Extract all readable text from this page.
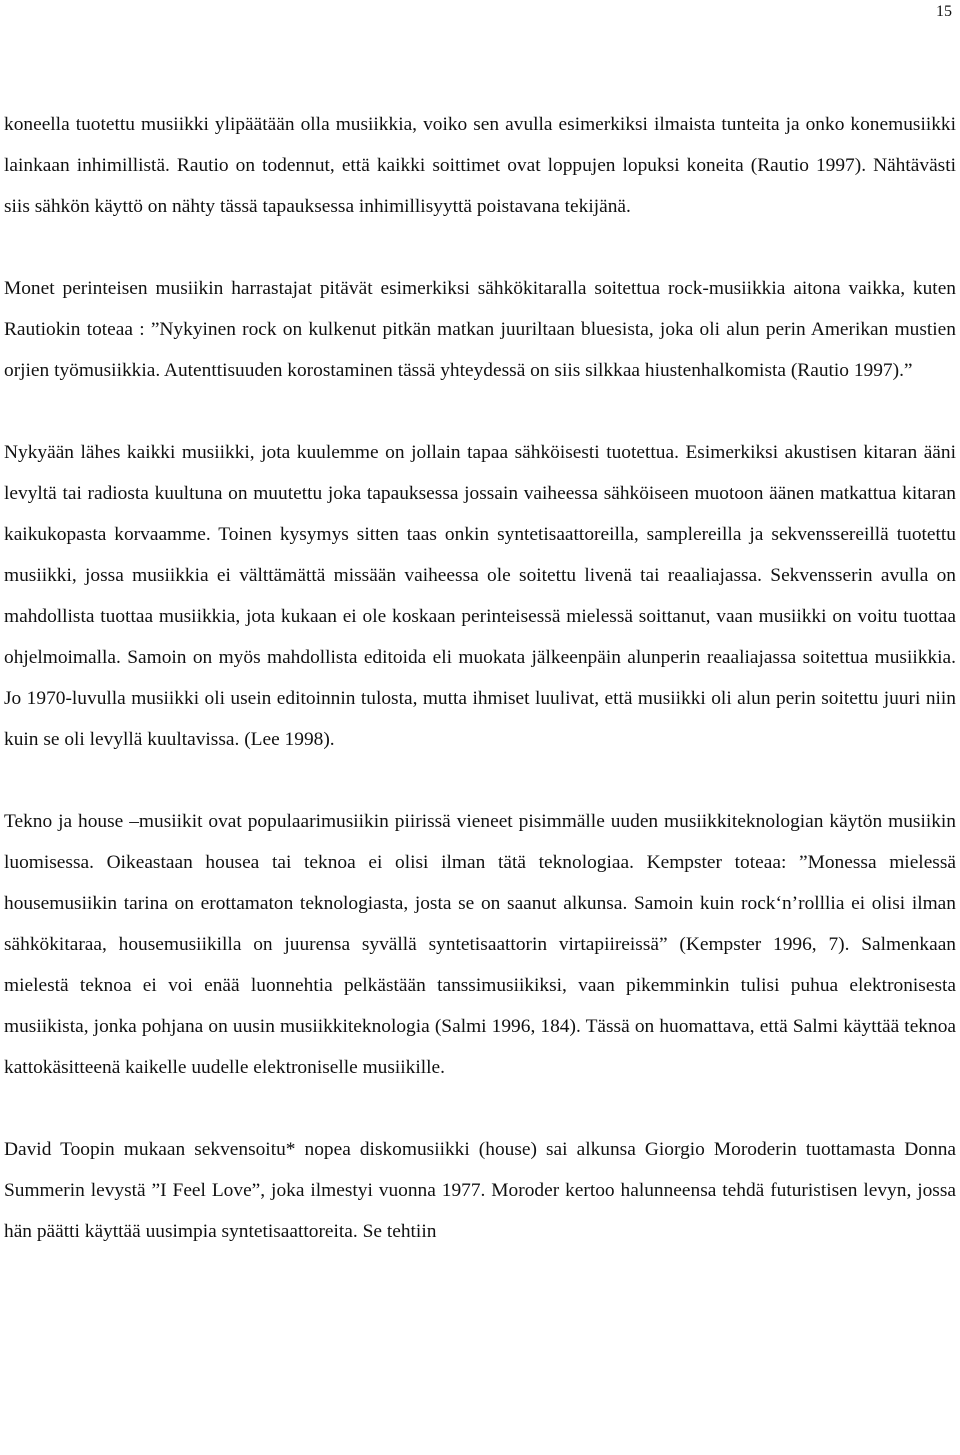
15

koneella tuotettu musiikki ylipäätään olla musiikkia, voiko sen avulla esimerkiksi ilmaista tunteita ja onko konemusiikki lainkaan inhimillistä. Rautio on todennut, että kaikki soittimet ovat loppujen lopuksi koneita (Rautio 1997). Nähtävästi siis sähkön käyttö on nähty tässä tapauksessa inhimillisyyttä poistavana tekijänä.

Monet perinteisen musiikin harrastajat pitävät esimerkiksi sähkökitaralla soitettua rock-musiikkia aitona vaikka, kuten Rautiokin toteaa : ”Nykyinen rock on kulkenut pitkän matkan juuriltaan bluesista, joka oli alun perin Amerikan mustien orjien työmusiikkia. Autenttisuuden korostaminen tässä yhteydessä on siis silkkaa hiustenhalkomista (Rautio 1997).”

Nykyään lähes kaikki musiikki, jota kuulemme on jollain tapaa sähköisesti tuotettua. Esimerkiksi akustisen kitaran ääni levyltä tai radiosta kuultuna on muutettu joka tapauksessa jossain vaiheessa sähköiseen muotoon äänen matkattua kitaran kaikukopasta korvaamme. Toinen kysymys sitten taas onkin syntetisaattoreilla, samplereilla ja sekvenssereillä tuotettu musiikki, jossa musiikkia ei välttämättä missään vaiheessa ole soitettu livenä tai reaaliajassa. Sekvensserin avulla on mahdollista tuottaa musiikkia, jota kukaan ei ole koskaan perinteisessä mielessä soittanut, vaan musiikki on voitu tuottaa ohjelmoimalla. Samoin on myös mahdollista editoida eli muokata jälkeenpäin alunperin reaaliajassa soitettua musiikkia. Jo 1970-luvulla musiikki oli usein editoinnin tulosta, mutta ihmiset luulivat, että musiikki oli alun perin soitettu juuri niin kuin se oli levyllä kuultavissa. (Lee 1998).

Tekno ja house –musiikit ovat populaarimusiikin piirissä vieneet pisimmälle uuden musiikkiteknologian käytön musiikin luomisessa. Oikeastaan housea tai teknoa ei olisi ilman tätä teknologiaa. Kempster toteaa: ”Monessa mielessä housemusiikin tarina on erottamaton teknologiasta, josta se on saanut alkunsa. Samoin kuin rock‘n’rolllia ei olisi ilman sähkökitaraa, housemusiikilla on juurensa syvällä syntetisaattorin virtapiireissä” (Kempster 1996, 7). Salmenkaan mielestä teknoa ei voi enää luonnehtia pelkästään tanssimusiikiksi, vaan pikemminkin tulisi puhua elektronisesta musiikista, jonka pohjana on uusin musiikkiteknologia (Salmi 1996, 184). Tässä on huomattava, että Salmi käyttää teknoa kattokäsitteenä kaikelle uudelle elektroniselle musiikille.

David Toopin mukaan sekvensoitu* nopea diskomusiikki (house) sai alkunsa Giorgio Moroderin tuottamasta Donna Summerin levystä ”I Feel Love”, joka ilmestyi vuonna 1977. Moroder kertoo halunneensa tehdä futuristisen levyn, jossa hän päätti käyttää uusimpia syntetisaattoreita. Se tehtiin
